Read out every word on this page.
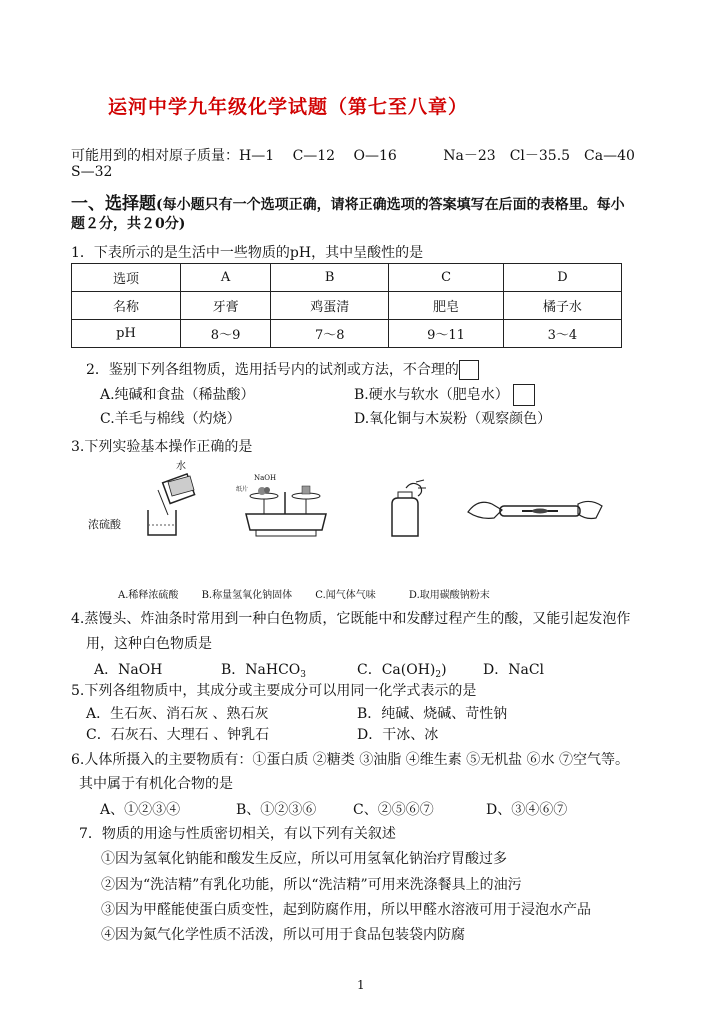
运河中学九年级化学试题（第七至八章）
可能用到的相对原子质量：H—1　 C—12　 O—16　　　 Na－23　Cl－35.5　Ca—40
S—32
一、选择题(每小题只有一个选项正确，请将正确选项的答案填写在后面的表格里。每小
题２分，共２0分)
1．下表所示的是生活中一些物质的pH，其中呈酸性的是
选项	A	B	C	D
名称	牙膏	鸡蛋清	肥皂	橘子水
pH	8～9	7～8	9～11	3～4
2．鉴别下列各组物质，选用括号内的试剂或方法，不合理的
A.纯碱和食盐（稀盐酸）	B.硬水与软水（肥皂水）
C.羊毛与棉线（灼烧）	D.氧化铜与木炭粉（观察颜色）
3.下列实验基本操作正确的是
水
浓硫酸
NaOH
纸片
A.稀释浓硫酸　　 B.称量氢氧化钠固体　　 C.闻气体气味　　　 D.取用碳酸钠粉末
4.蒸馒头、炸油条时常用到一种白色物质，它既能中和发酵过程产生的酸，又能引起发泡作
用，这种白色物质是
A．NaOH	B．NaHCO$_3$	C．$Ca(OH)_2$)	D．NaCl
5.下列各组物质中，其成分或主要成分可以用同一化学式表示的是
A．生石灰、消石灰 、熟石灰	B．纯碱、烧碱、苛性钠
C．石灰石、大理石 、钟乳石	D．干冰、冰
6.人体所摄入的主要物质有：①蛋白质 ②糖类 ③油脂 ④维生素 ⑤无机盐 ⑥水 ⑦空气等。
其中属于有机化合物的是
A、①②③④	B、①②③⑥	C、②⑤⑥⑦	D、③④⑥⑦
7．物质的用途与性质密切相关，有以下列有关叙述
①因为氢氧化钠能和酸发生反应，所以可用氢氧化钠治疗胃酸过多
②因为“洗洁精”有乳化功能，所以“洗洁精”可用来洗涤餐具上的油污
③因为甲醛能使蛋白质变性，起到防腐作用，所以甲醛水溶液可用于浸泡水产品
④因为氮气化学性质不活泼，所以可用于食品包装袋内防腐
1
